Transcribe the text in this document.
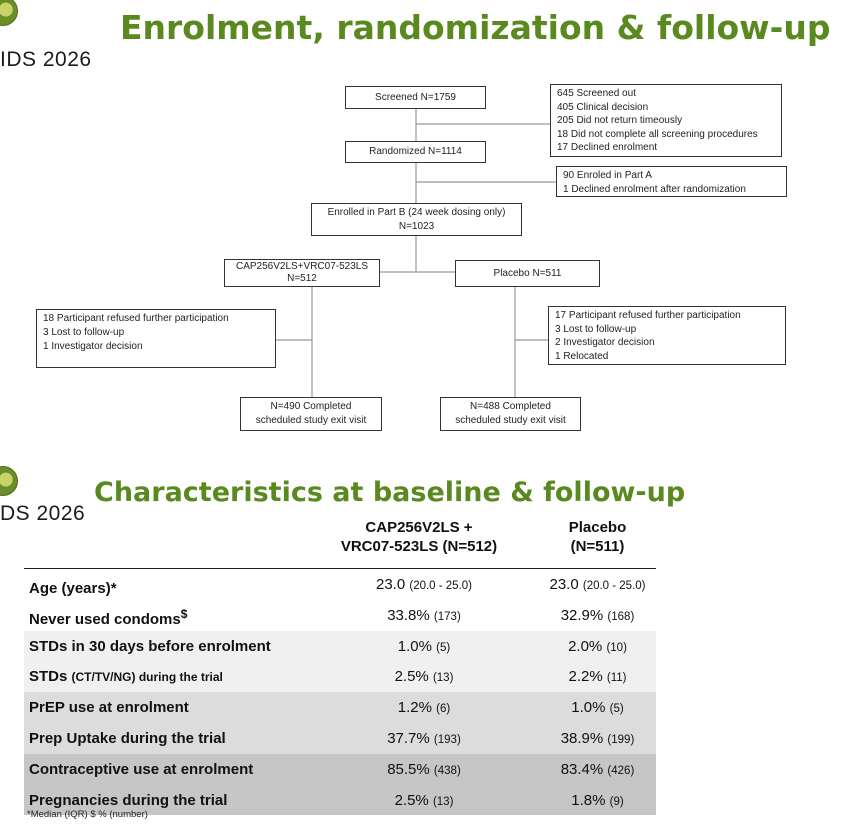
IDS 2026
Enrolment, randomization & follow-up
Screened N=1759	645 Screened out
405 Clinical decision
205 Did not return timeously
18 Did not complete all screening procedures
17 Declined enrolment
Randomized N=1114
90 Enroled in Part A
1 Declined enrolment after randomization
Enrolled in Part B (24 week dosing only)
N=1023
CAP256V2LS+VRC07-523LS
N=512	Placebo N=511
18 Participant refused further participation
3 Lost to follow-up
1 Investigator decision
17 Participant refused further participation
3 Lost to follow-up
2 Investigator decision
1 Relocated
N=490 Completed
scheduled study exit visit
N=488 Completed
scheduled study exit visit
DS 2026
Characteristics at baseline & follow-up
CAP256V2LS +
VRC07-523LS (N=512)
Placebo
(N=511)
Age (years)*	23.0 (20.0 - 25.0)	23.0 (20.0 - 25.0)
Never used condoms$	33.8% (173)	32.9% (168)
STDs in 30 days before enrolment	1.0% (5)	2.0% (10)
STDs (CT/TV/NG) during the trial	2.5% (13)	2.2% (11)
PrEP use at enrolment	1.2% (6)	1.0% (5)
Prep Uptake during the trial	37.7% (193)	38.9% (199)
Contraceptive use at enrolment	85.5% (438)	83.4% (426)
Pregnancies during the trial	2.5% (13)	1.8% (9)
*Median (IQR) $ % (number)
